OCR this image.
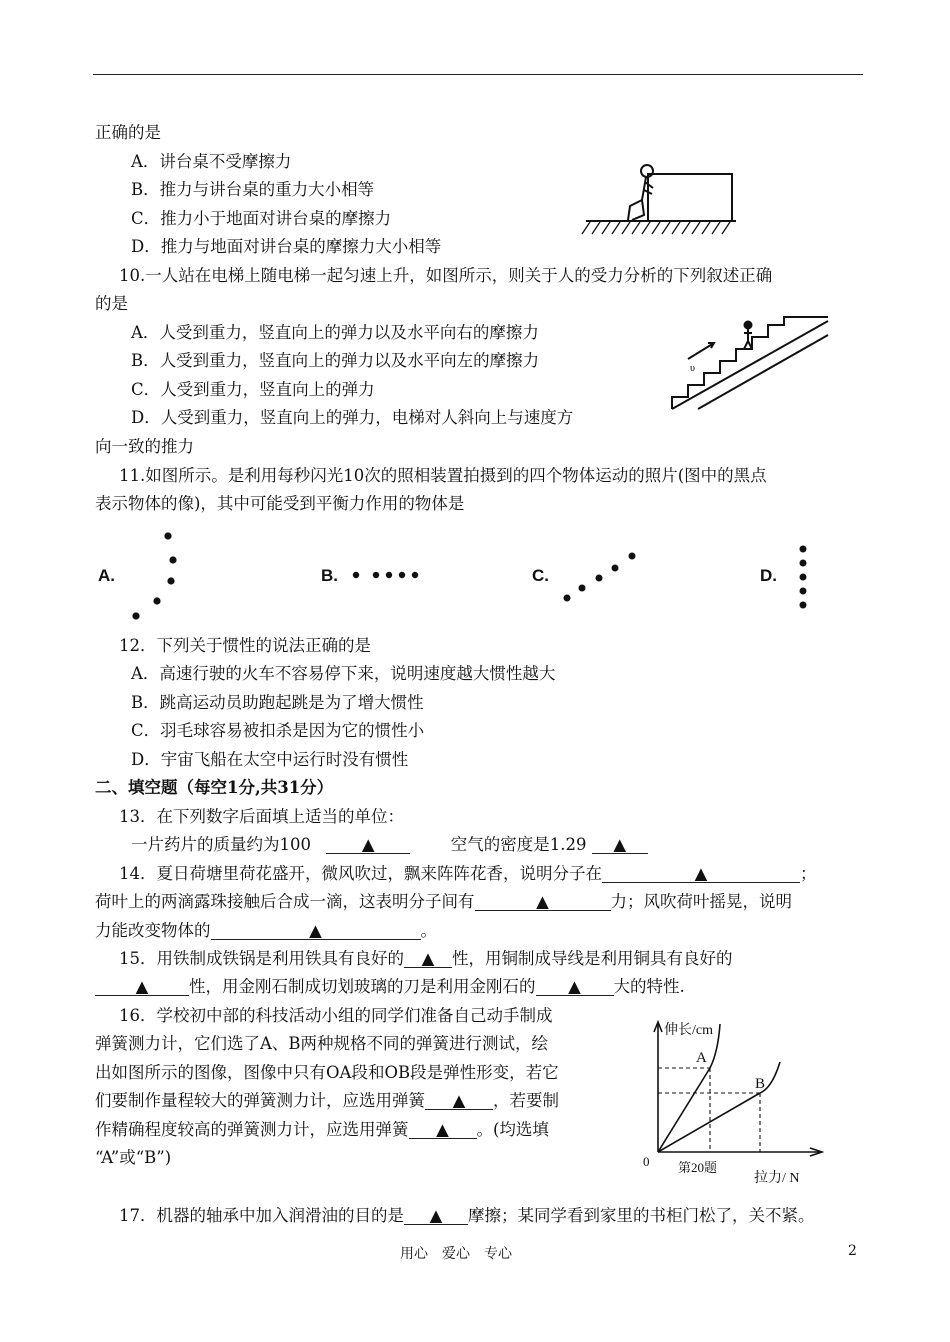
正确的是
A．讲台桌不受摩擦力
B．推力与讲台桌的重力大小相等
C．推力小于地面对讲台桌的摩擦力
D．推力与地面对讲台桌的摩擦力大小相等
10.一人站在电梯上随电梯一起匀速上升，如图所示，则关于人的受力分析的下列叙述正确
的是
A．人受到重力，竖直向上的弹力以及水平向右的摩擦力
B．人受到重力，竖直向上的弹力以及水平向左的摩擦力
C．人受到重力，竖直向上的弹力
D．人受到重力，竖直向上的弹力，电梯对人斜向上与速度方
向一致的推力
υ
11.如图所示。是利用每秒闪光10次的照相装置拍摄到的四个物体运动的照片(图中的黑点
表示物体的像)，其中可能受到平衡力作用的物体是
A.	B.	C.	D.
12．下列关于惯性的说法正确的是
A．高速行驶的火车不容易停下来，说明速度越大惯性越大
B．跳高运动员助跑起跳是为了增大惯性
C．羽毛球容易被扣杀是因为它的惯性小
D．宇宙飞船在太空中运行时没有惯性
二、填空题（每空1分,共31分）
13．在下列数字后面填上适当的单位：
一片药片的质量约为100	▲	空气的密度是1.29 ▲
14．夏日荷塘里荷花盛开，微风吹过，飘来阵阵花香，说明分子在	▲	；
荷叶上的两滴露珠接触后合成一滴，这表明分子间有	▲	力；风吹荷叶摇晃，说明
力能改变物体的	▲	。
15．用铁制成铁锅是利用铁具有良好的 ▲ 性，用铜制成导线是利用铜具有良好的
▲ 性，用金刚石制成切划玻璃的刀是利用金刚石的 ▲ 大的特性.
16．学校初中部的科技活动小组的同学们准备自己动手制成
弹簧测力计，它们选了A、B两种规格不同的弹簧进行测试，绘
出如图所示的图像，图像中只有OA段和OB段是弹性形变，若它
们要制作量程较大的弹簧测力计，应选用弹簧 ▲ ，若要制
作精确程度较高的弹簧测力计，应选用弹簧 ▲ 。(均选填
“A”或“B”)
伸长/cm
A
B
0 第20题
拉力/ N
17．机器的轴承中加入润滑油的目的是 ▲ 摩擦；某同学看到家里的书柜门松了，关不紧。
用心　爱心　专心	2
